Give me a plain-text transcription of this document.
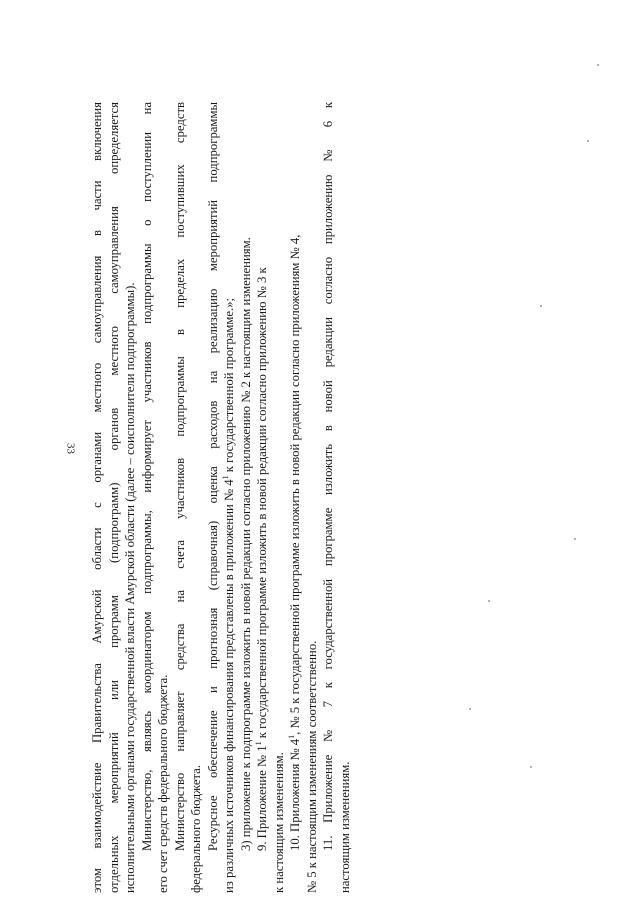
33 этом взаимодействие Правительства Амурской области с органами местного самоуправления в части включения отдельных мероприятий или программ (подпрограмм) органов местного самоуправления определяется исполнительными органами государственной власти Амурской области (далее – соисполнители подпрограммы). Министерство, являясь координатором подпрограммы, информирует участников подпрограммы о поступлении на его счет средств федерального бюджета. Министерство направляет средства на счета участников подпрограммы в пределах поступивших средств федерального бюджета. Ресурсное обеспечение и прогнозная (справочная) оценка расходов на реализацию мероприятий подпрограммы из различных источников финансирования представлены в приложении № $4^1$ к государственной программе.»; 3) приложение к подпрограмме изложить в новой редакции согласно приложению № 2 к настоящим изменениям. 9. Приложение № $1^1$ к государственной программе изложить в новой редакции согласно приложению № 3 к
к настоящим изменениям. 10. Приложения № $4^1$, № 5 к государственной программе изложить в новой редакции согласно приложениям № 4,
№ 5 к настоящим изменениям соответственно. 11. Приложение № 7 к государственной программе изложить в новой редакции согласно приложению № 6 к настоящим изменениям.
